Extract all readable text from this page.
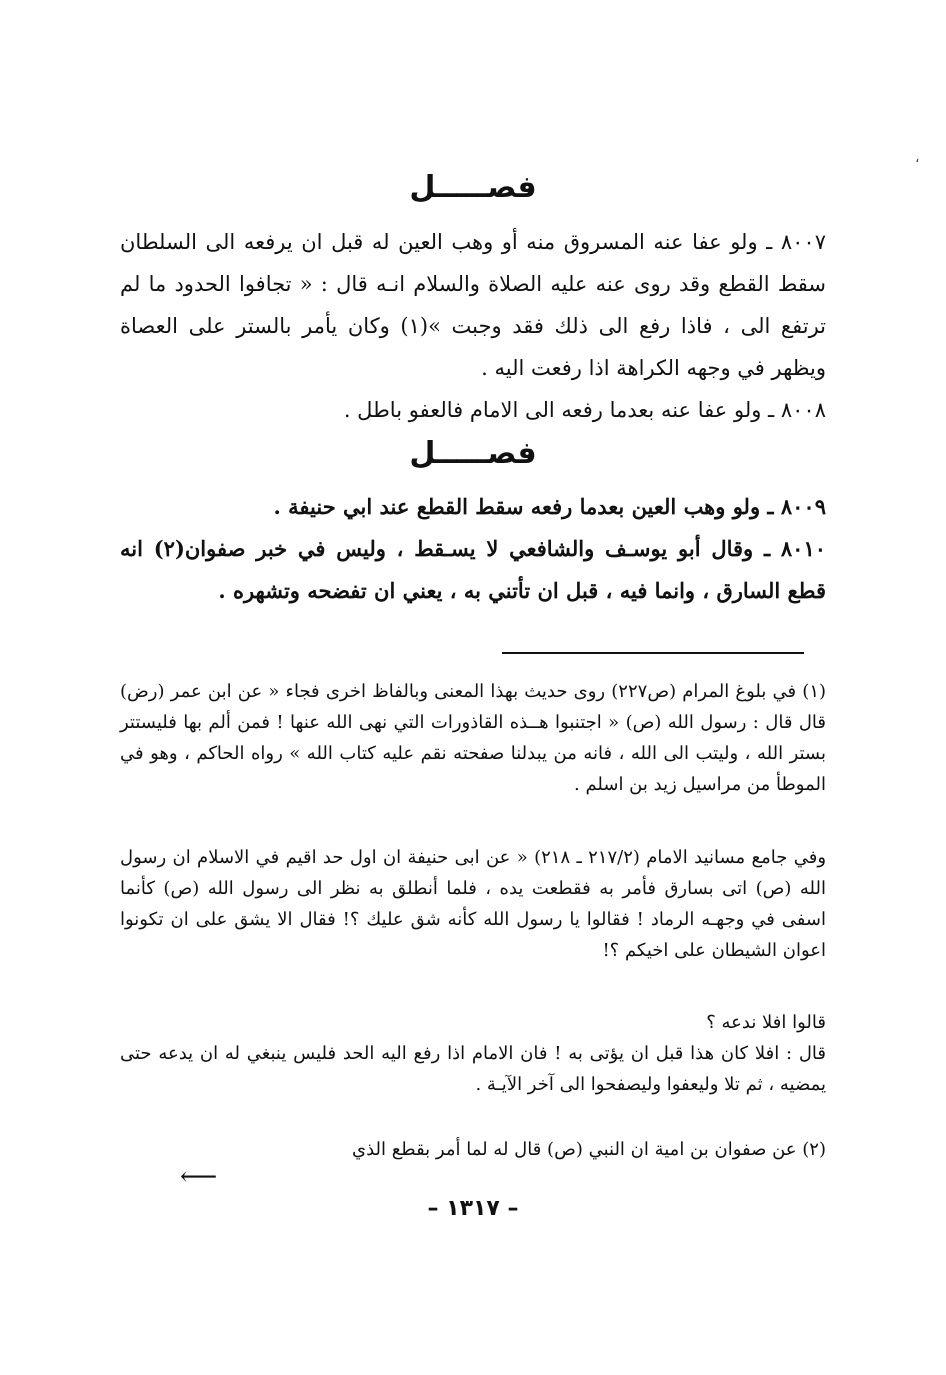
،
فصـــــل

٨٠٠٧ ـ ولو عفا عنه المسروق منه أو وهب العين له قبل ان يرفعه الى السلطان سقط القطع وقد روى عنه عليه الصلاة والسلام انـه قال : « تجافوا الحدود ما لم ترتفع الى ، فاذا رفع الى ذلك فقد وجبت »(١) وكان يأمر بالستر على العصاة ويظهر في وجهه الكراهة اذا رفعت اليه .

٨٠٠٨ ـ ولو عفا عنه بعدما رفعه الى الامام فالعفو باطل .

فصـــــل

٨٠٠٩ ـ ولو وهب العين بعدما رفعه سقط القطع عند ابي حنيفة .

٨٠١٠ ـ وقال أبو يوسـف والشافعي لا يسـقط ، وليس في خبر صفوان(٢) انه قطع السارق ، وانما فيه ، قبل ان تأتني به ، يعني ان تفضحه وتشهره .

(١) في بلوغ المرام (ص٢٢٧) روى حديث بهذا المعنى وبالفاظ اخرى فجاء « عن ابن عمر (رض) قال قال : رسول الله (ص) « اجتنبوا هــذه القاذورات التي نهى الله عنها ! فمن ألم بها فليستتر بستر الله ، وليتب الى الله ، فانه من يبدلنا صفحته نقم عليه كتاب الله » رواه الحاكم ، وهو في الموطأ من مراسيل زيد بن اسلم .

وفي جامع مسانيد الامام (٢١٧/٢ ـ ٢١٨) « عن ابى حنيفة ان اول حد اقيم في الاسلام ان رسول الله (ص) اتى بسارق فأمر به فقطعت يده ، فلما أنطلق به نظر الى رسول الله (ص) كأنما اسفى في وجهـه الرماد ! فقالوا يا رسول الله كأنه شق عليك ؟! فقال الا يشق على ان تكونوا اعوان الشيطان على اخيكم ؟!

قالوا افلا ندعه ؟

قال : افلا كان هذا قبل ان يؤتى به ! فان الامام اذا رفع اليه الحد فليس ينبغي له ان يدعه حتى يمضيه ، ثم تلا وليعفوا وليصفحوا الى آخر الآيـة .

(٢) عن صفوان بن امية ان النبي (ص) قال له لما أمر بقطع الذي

⟵
– ١٣١٧ –
